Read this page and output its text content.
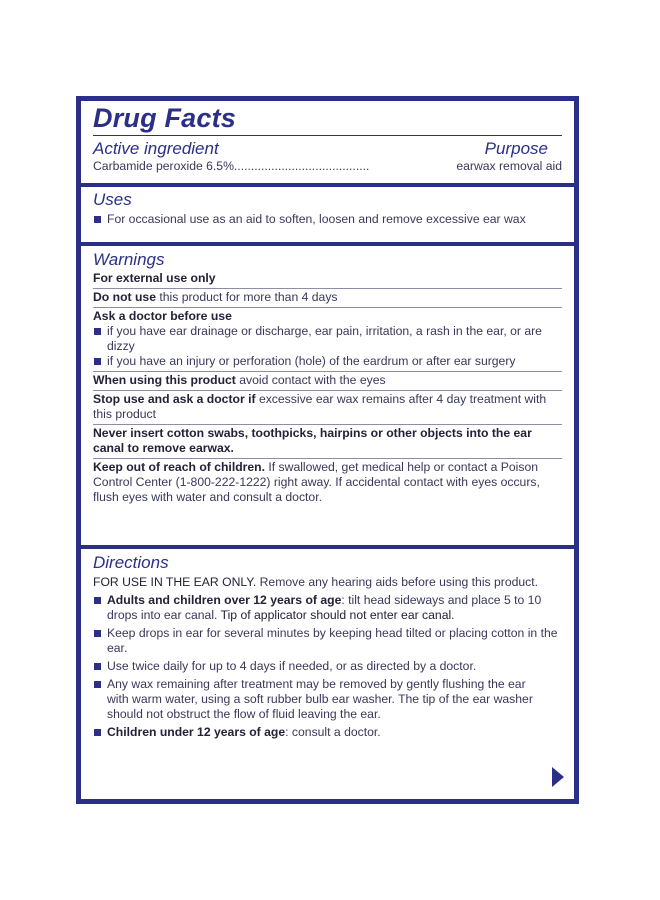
Drug Facts
Active ingredient	Purpose
Carbamide peroxide 6.5% ........................................	earwax removal aid
Uses
For occasional use as an aid to soften, loosen and remove excessive ear wax
Warnings
For external use only
Do not use this product for more than 4 days
Ask a doctor before use
if you have ear drainage or discharge, ear pain, irritation, a rash in the ear, or are dizzy
if you have an injury or perforation (hole) of the eardrum or after ear surgery
When using this product avoid contact with the eyes
Stop use and ask a doctor if excessive ear wax remains after 4 day treatment with this product
Never insert cotton swabs, toothpicks, hairpins or other objects into the ear canal to remove earwax.
Keep out of reach of children. If swallowed, get medical help or contact a Poison Control Center (1-800-222-1222) right away. If accidental contact with eyes occurs, flush eyes with water and consult a doctor.
Directions
FOR USE IN THE EAR ONLY. Remove any hearing aids before using this product.
Adults and children over 12 years of age: tilt head sideways and place 5 to 10 drops into ear canal. Tip of applicator should not enter ear canal.
Keep drops in ear for several minutes by keeping head tilted or placing cotton in the ear.
Use twice daily for up to 4 days if needed, or as directed by a doctor.
Any wax remaining after treatment may be removed by gently flushing the ear with warm water, using a soft rubber bulb ear washer. The tip of the ear washer should not obstruct the flow of fluid leaving the ear.
Children under 12 years of age: consult a doctor.
